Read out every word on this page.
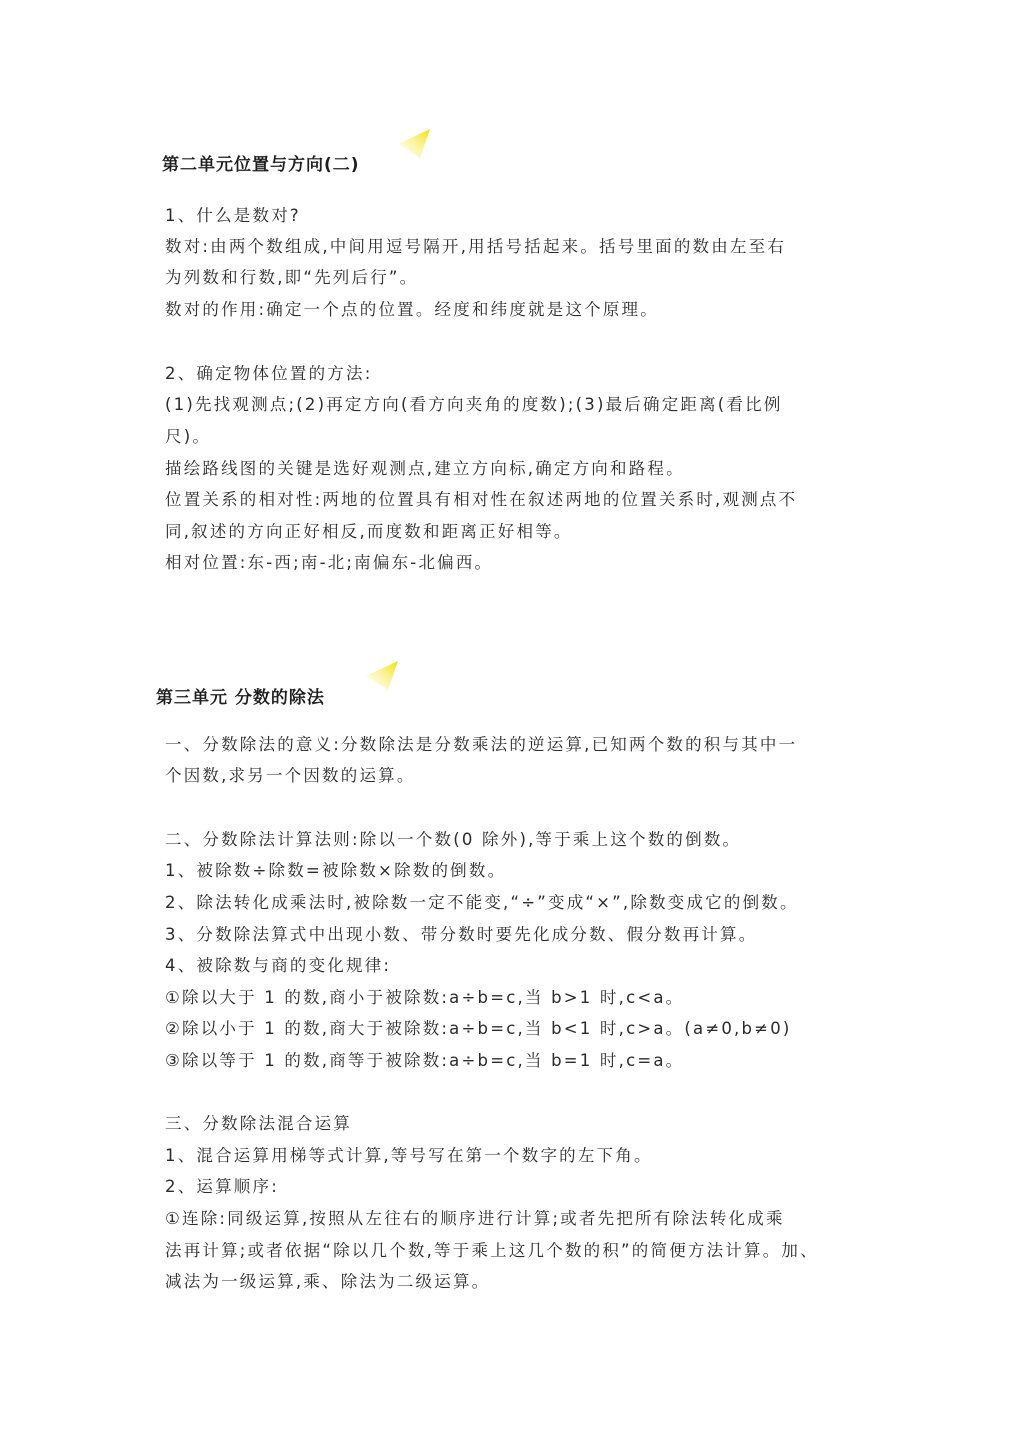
第二单元位置与方向(二)
1、什么是数对?
数对:由两个数组成,中间用逗号隔开,用括号括起来。括号里面的数由左至右
为列数和行数,即“先列后行”。
数对的作用:确定一个点的位置。经度和纬度就是这个原理。
2、确定物体位置的方法:
(1)先找观测点;(2)再定方向(看方向夹角的度数);(3)最后确定距离(看比例
尺)。
描绘路线图的关键是选好观测点,建立方向标,确定方向和路程。
位置关系的相对性:两地的位置具有相对性在叙述两地的位置关系时,观测点不
同,叙述的方向正好相反,而度数和距离正好相等。
相对位置:东-西;南-北;南偏东-北偏西。
第三单元 分数的除法
一、分数除法的意义:分数除法是分数乘法的逆运算,已知两个数的积与其中一
个因数,求另一个因数的运算。
二、分数除法计算法则:除以一个数(0 除外),等于乘上这个数的倒数。
1、被除数÷除数=被除数×除数的倒数。
2、除法转化成乘法时,被除数一定不能变,“÷”变成“×”,除数变成它的倒数。
3、分数除法算式中出现小数、带分数时要先化成分数、假分数再计算。
4、被除数与商的变化规律:
①除以大于 1 的数,商小于被除数:a÷b=c,当 b>1 时,c<a。
②除以小于 1 的数,商大于被除数:a÷b=c,当 b<1 时,c>a。(a≠0,b≠0)
③除以等于 1 的数,商等于被除数:a÷b=c,当 b=1 时,c=a。
三、分数除法混合运算
1、混合运算用梯等式计算,等号写在第一个数字的左下角。
2、运算顺序:
①连除:同级运算,按照从左往右的顺序进行计算;或者先把所有除法转化成乘
法再计算;或者依据“除以几个数,等于乘上这几个数的积”的简便方法计算。加、
减法为一级运算,乘、除法为二级运算。
